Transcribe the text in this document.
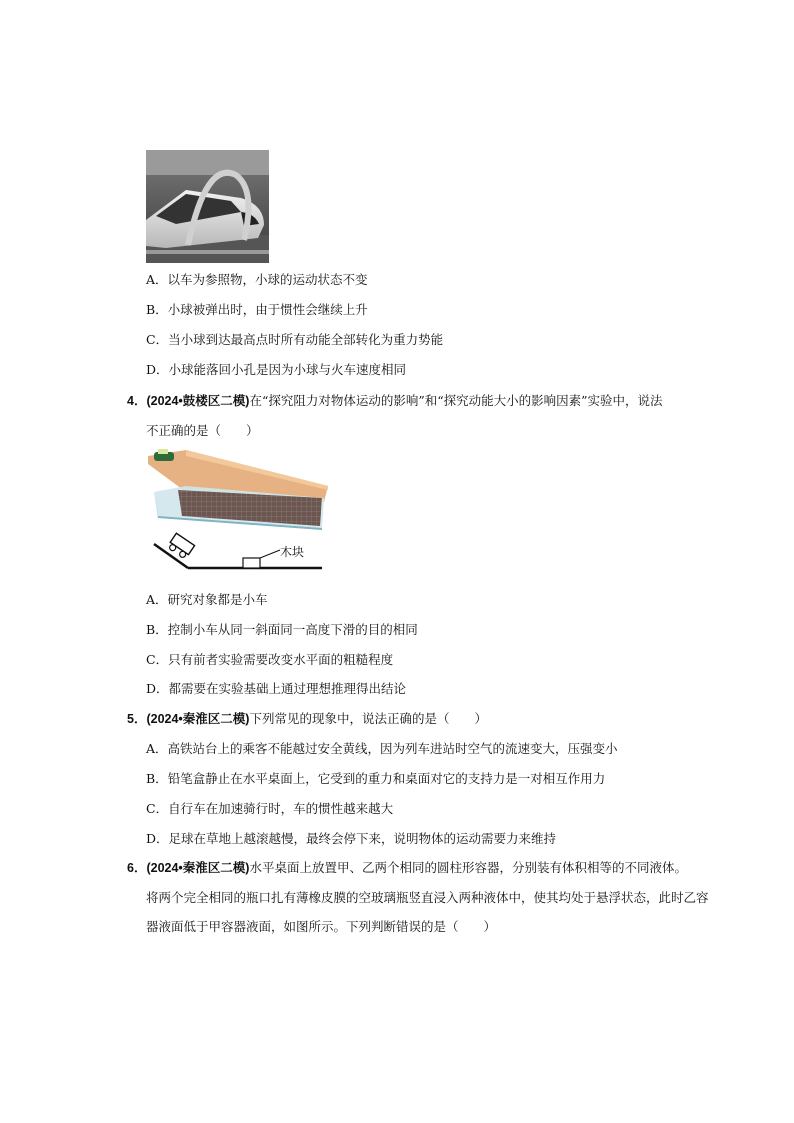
A．以车为参照物，小球的运动状态不变
B．小球被弹出时，由于惯性会继续上升
C．当小球到达最高点时所有动能全部转化为重力势能
D．小球能落回小孔是因为小球与火车速度相同
4．(2024•鼓楼区二模)在“探究阻力对物体运动的影响”和“探究动能大小的影响因素”实验中，说法
不正确的是（　　）
木块
A．研究对象都是小车
B．控制小车从同一斜面同一高度下滑的目的相同
C．只有前者实验需要改变水平面的粗糙程度
D．都需要在实验基础上通过理想推理得出结论
5．(2024•秦淮区二模)下列常见的现象中，说法正确的是（　　）
A．高铁站台上的乘客不能越过安全黄线，因为列车进站时空气的流速变大，压强变小
B．铅笔盒静止在水平桌面上，它受到的重力和桌面对它的支持力是一对相互作用力
C．自行车在加速骑行时，车的惯性越来越大
D．足球在草地上越滚越慢，最终会停下来，说明物体的运动需要力来维持
6．(2024•秦淮区二模)水平桌面上放置甲、乙两个相同的圆柱形容器，分别装有体积相等的不同液体。
将两个完全相同的瓶口扎有薄橡皮膜的空玻璃瓶竖直浸入两种液体中，使其均处于悬浮状态，此时乙容
器液面低于甲容器液面，如图所示。下列判断错误的是（　　）
